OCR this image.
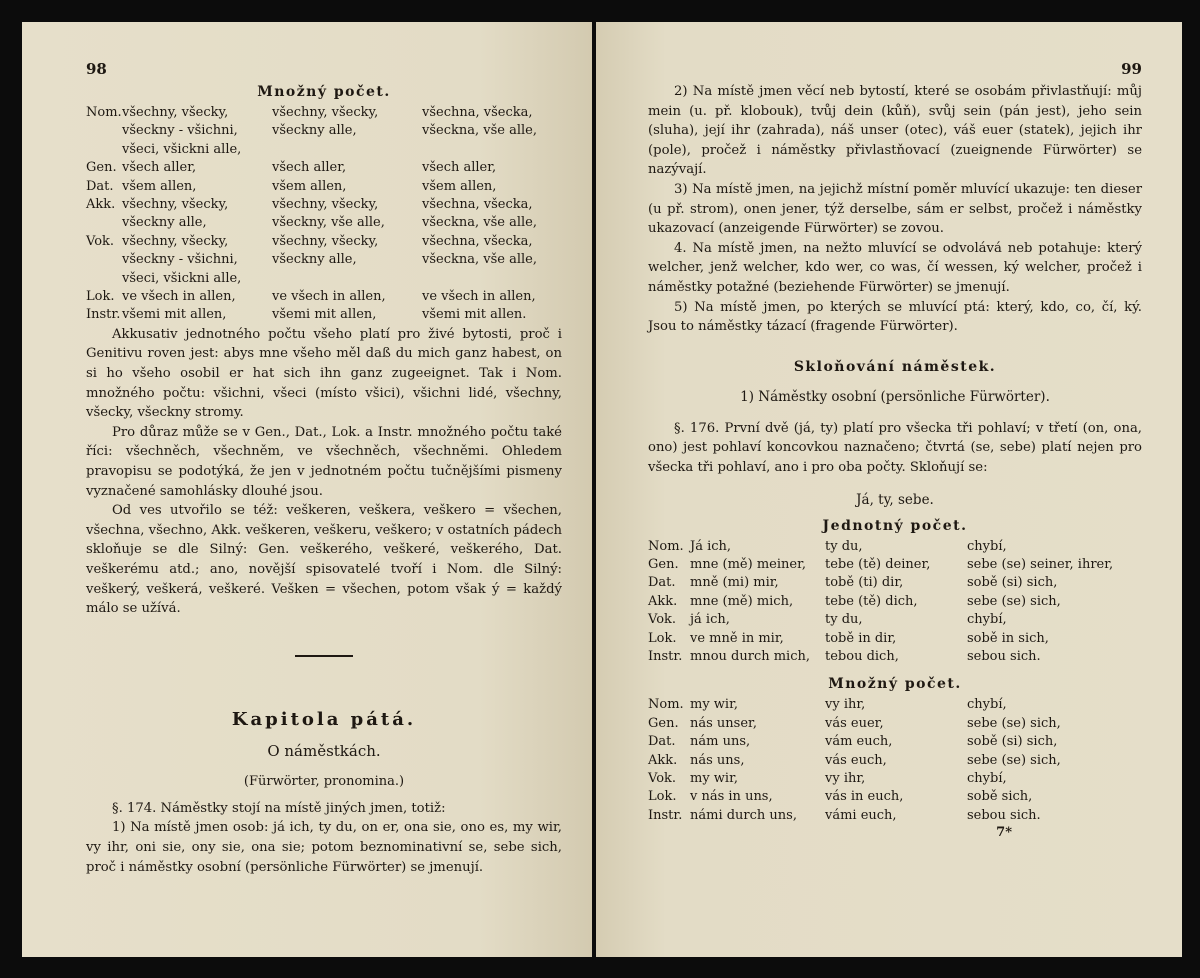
98
Množný počet.
Nom.	všechny, všecky,	všechny, všecky,	všechna, všecka,
	všeckny - všichni,	všeckny alle,	všeckna, vše alle,
	všeci, všickni alle,		
Gen.	všech aller,	všech aller,	všech aller,
Dat.	všem allen,	všem allen,	všem allen,
Akk.	všechny, všecky,	všechny, všecky,	všechna, všecka,
	všeckny alle,	všeckny, vše alle,	všeckna, vše alle,
Vok.	všechny, všecky,	všechny, všecky,	všechna, všecka,
	všeckny - všichni,	všeckny alle,	všeckna, vše alle,
	všeci, všickni alle,		
Lok.	ve všech in allen,	ve všech in allen,	ve všech in allen,
Instr.	všemi mit allen,	všemi mit allen,	všemi mit allen.

Akkusativ jednotného počtu všeho platí pro živé bytosti, proč i Genitivu roven jest: abys mne všeho měl daß du mich ganz habest, on si ho všeho osobil er hat sich ihn ganz zugeeignet. Tak i Nom. množného počtu: všichni, všeci (místo všici), všichni lidé, všechny, všecky, všeckny stromy.

Pro důraz může se v Gen., Dat., Lok. a Instr. množného počtu také říci: všechněch, všechněm, ve všechněch, všechněmi. Ohledem pravopisu se podotýká, že jen v jednotném počtu tučnějšími pismeny vyznačené samohlásky dlouhé jsou.

Od ves utvořilo se též: veškeren, veškera, veškero = všechen, všechna, všechno, Akk. veškeren, veškeru, veškero; v ostatních pádech skloňuje se dle Silný: Gen. veškerého, veškeré, veškerého, Dat. veškerému atd.; ano, novější spisovatelé tvoří i Nom. dle Silný: veškerý, veškerá, veškeré. Veškеn = všechen, potom však ý = každý málo se užívá.

Kapitola pátá.
O náměstkách.
(Fürwörter, pronomina.)

§. 174. Náměstky stojí na místě jiných jmen, totiž:

1) Na místě jmen osob: já ich, ty du, on er, ona sie, ono es, my wir, vy ihr, oni sie, ony sie, ona sie; potom beznominativní se, sebe sich, proč i náměstky osobní (persönliche Fürwörter) se jmenují.

99

2) Na místě jmen věcí neb bytostí, které se osobám přivlastňují: můj mein (u. př. klobouk), tvůj dein (kůň), svůj sein (pán jest), jeho sein (sluha), její ihr (zahrada), náš unser (otec), váš euer (statek), jejich ihr (pole), pročež i náměstky přivlastňovací (zueignende Fürwörter) se nazývají.

3) Na místě jmen, na jejichž místní poměr mluvící ukazuje: ten dieser (u př. strom), onen jener, týž derselbe, sám er selbst, pročež i náměstky ukazovací (anzeigende Fürwörter) se zovou.

4. Na místě jmen, na nežto mluvící se odvolává neb potahuje: který welcher, jenž welcher, kdo wer, co was, čí wessen, ký welcher, pročež i náměstky potažné (beziehende Fürwörter) se jmenují.

5) Na místě jmen, po kterých se mluvící ptá: který, kdo, co, čí, ký. Jsou to náměstky tázací (fragende Fürwörter).

Skloňování náměstek.
1) Náměstky osobní (persönliche Fürwörter).

§. 176. První dvě (já, ty) platí pro všecka tři pohlaví; v třetí (on, ona, ono) jest pohlaví koncovkou naznačeno; čtvrtá (se, sebe) platí nejen pro všecka tři pohlaví, ano i pro oba počty. Skloňují se:

Já, ty, sebe.
Jednotný počet.
Nom.	Já ich,	ty du,	chybí,
Gen.	mne (mě) meiner,	tebe (tě) deiner,	sebe (se) seiner, ihrer,
Dat.	mně (mi) mir,	tobě (ti) dir,	sobě (si) sich,
Akk.	mne (mě) mich,	tebe (tě) dich,	sebe (se) sich,
Vok.	já ich,	ty du,	chybí,
Lok.	ve mně in mir,	tobě in dir,	sobě in sich,
Instr.	mnou durch mich,	tebou dich,	sebou sich.
Množný počet.
Nom.	my wir,	vy ihr,	chybí,
Gen.	nás unser,	vás euer,	sebe (se) sich,
Dat.	nám uns,	vám euch,	sobě (si) sich,
Akk.	nás uns,	vás euch,	sebe (se) sich,
Vok.	my wir,	vy ihr,	chybí,
Lok.	v nás in uns,	vás in euch,	sobě sich,
Instr.	námi durch uns,	vámi euch,	sebou sich.
7*
